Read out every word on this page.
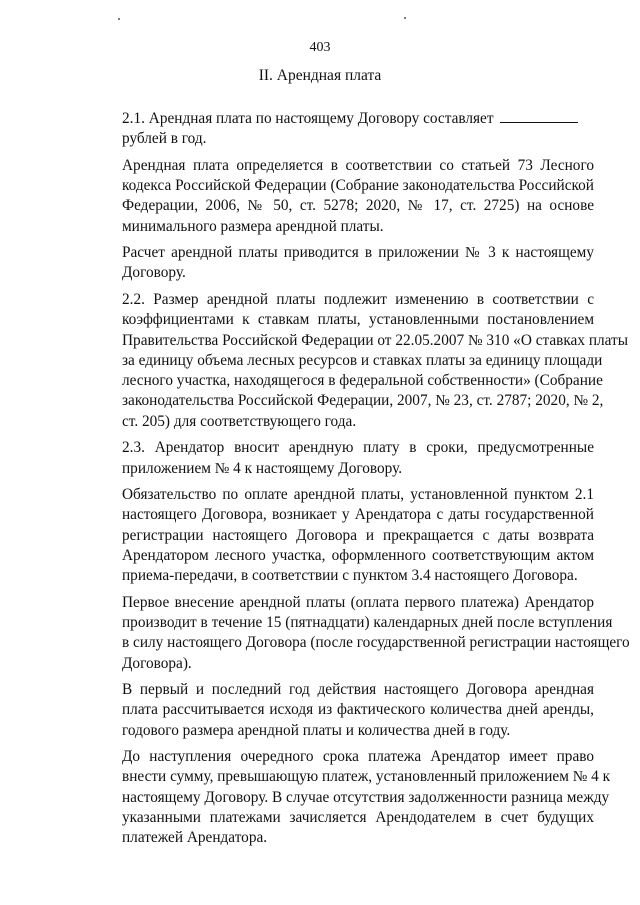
403
II. Арендная плата
2.1. Арендная плата по настоящему Договору составляет
рублей в год.
Арендная плата определяется в соответствии со статьей 73 Лесного
кодекса Российской Федерации (Собрание законодательства Российской
Федерации, 2006, № 50, ст. 5278; 2020, № 17, ст. 2725) на основе
минимального размера арендной платы.
Расчет арендной платы приводится в приложении № 3 к настоящему
Договору.
2.2. Размер арендной платы подлежит изменению в соответствии с
коэффициентами к ставкам платы, установленными постановлением
Правительства Российской Федерации от 22.05.2007 № 310 «О ставках платы
за единицу объема лесных ресурсов и ставках платы за единицу площади
лесного участка, находящегося в федеральной собственности» (Собрание
законодательства Российской Федерации, 2007, № 23, ст. 2787; 2020, № 2,
ст. 205) для соответствующего года.
2.3. Арендатор вносит арендную плату в сроки, предусмотренные
приложением № 4 к настоящему Договору.
Обязательство по оплате арендной платы, установленной пунктом 2.1
настоящего Договора, возникает у Арендатора с даты государственной
регистрации настоящего Договора и прекращается с даты возврата
Арендатором лесного участка, оформленного соответствующим актом
приема-передачи, в соответствии с пунктом 3.4 настоящего Договора.
Первое внесение арендной платы (оплата первого платежа) Арендатор
производит в течение 15 (пятнадцати) календарных дней после вступления
в силу настоящего Договора (после государственной регистрации настоящего
Договора).
В первый и последний год действия настоящего Договора арендная
плата рассчитывается исходя из фактического количества дней аренды,
годового размера арендной платы и количества дней в году.
До наступления очередного срока платежа Арендатор имеет право
внести сумму, превышающую платеж, установленный приложением № 4 к
настоящему Договору. В случае отсутствия задолженности разница между
указанными платежами зачисляется Арендодателем в счет будущих
платежей Арендатора.
